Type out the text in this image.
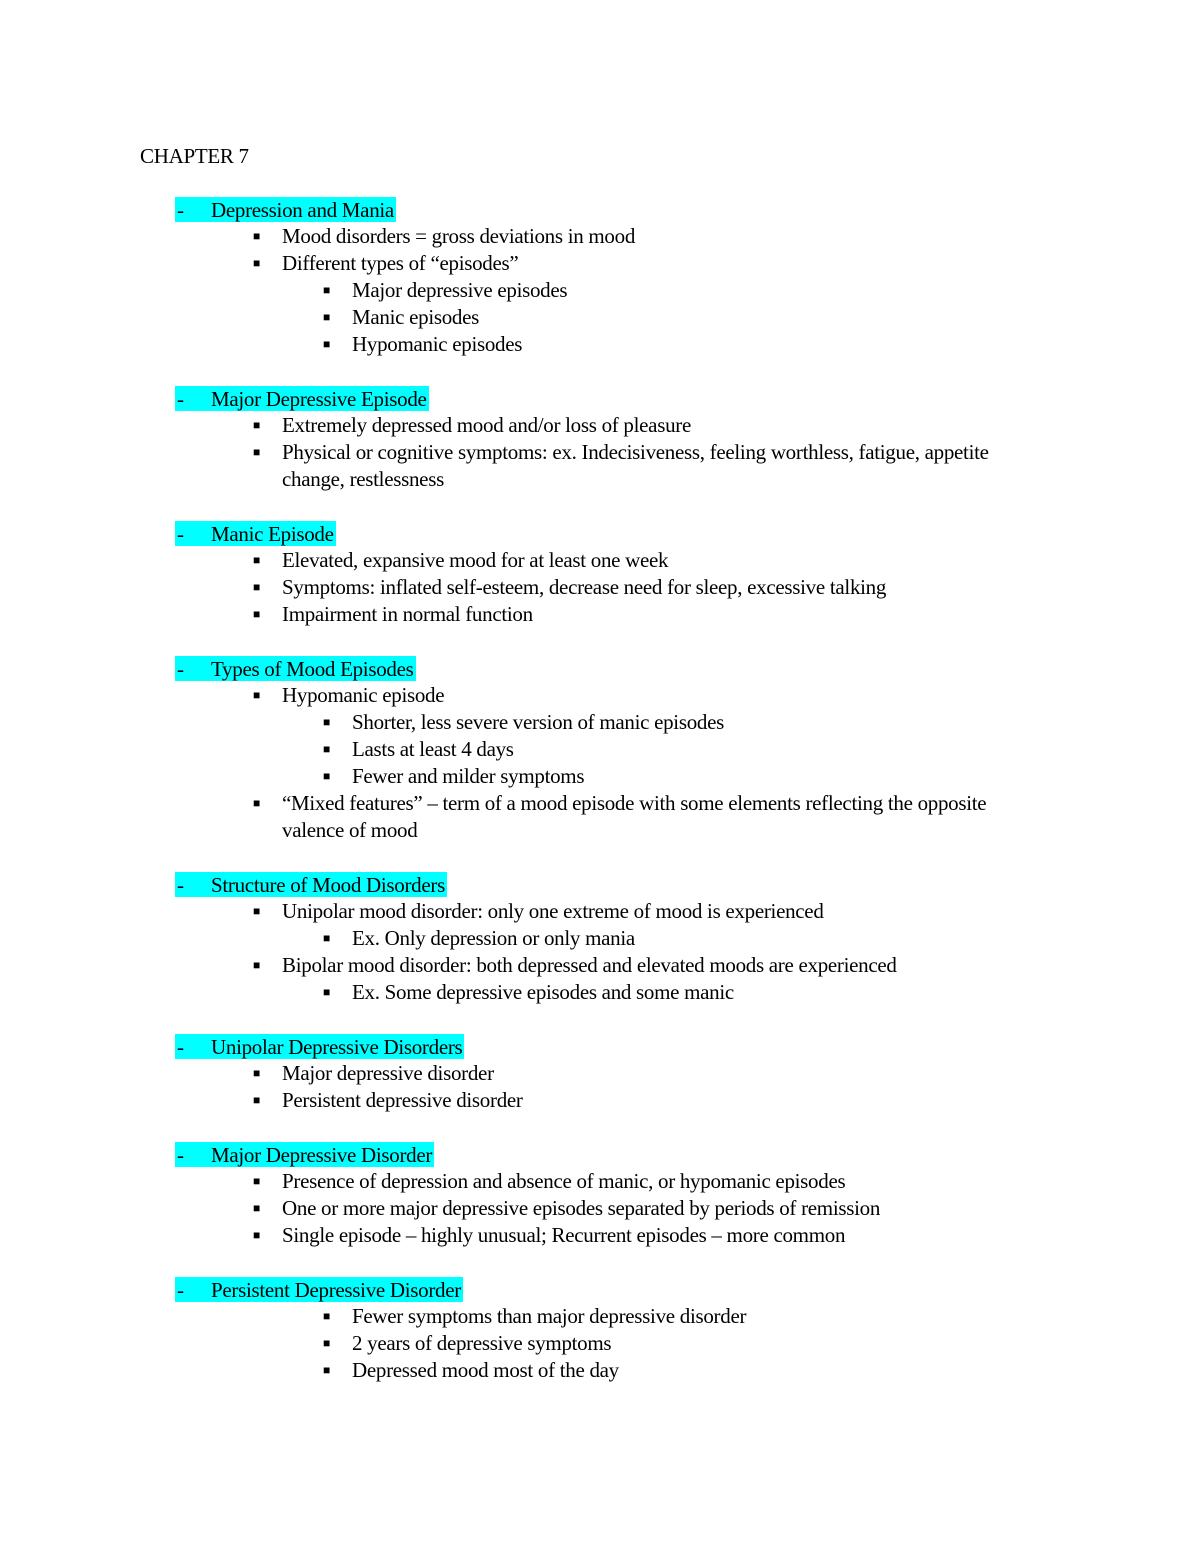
CHAPTER 7
- Depression and Mania
■ Mood disorders = gross deviations in mood
■ Different types of “episodes”
■ Major depressive episodes
■ Manic episodes
■ Hypomanic episodes
- Major Depressive Episode
■ Extremely depressed mood and/or loss of pleasure
■ Physical or cognitive symptoms: ex. Indecisiveness, feeling worthless, fatigue, appetite change, restlessness
- Manic Episode
■ Elevated, expansive mood for at least one week
■ Symptoms: inflated self-esteem, decrease need for sleep, excessive talking
■ Impairment in normal function
- Types of Mood Episodes
■ Hypomanic episode
■ Shorter, less severe version of manic episodes
■ Lasts at least 4 days
■ Fewer and milder symptoms
■ “Mixed features” – term of a mood episode with some elements reflecting the opposite valence of mood
- Structure of Mood Disorders
■ Unipolar mood disorder: only one extreme of mood is experienced
■ Ex. Only depression or only mania
■ Bipolar mood disorder: both depressed and elevated moods are experienced
■ Ex. Some depressive episodes and some manic
- Unipolar Depressive Disorders
■ Major depressive disorder
■ Persistent depressive disorder
- Major Depressive Disorder
■ Presence of depression and absence of manic, or hypomanic episodes
■ One or more major depressive episodes separated by periods of remission
■ Single episode – highly unusual; Recurrent episodes – more common
- Persistent Depressive Disorder
■ Fewer symptoms than major depressive disorder
■ 2 years of depressive symptoms
■ Depressed mood most of the day
